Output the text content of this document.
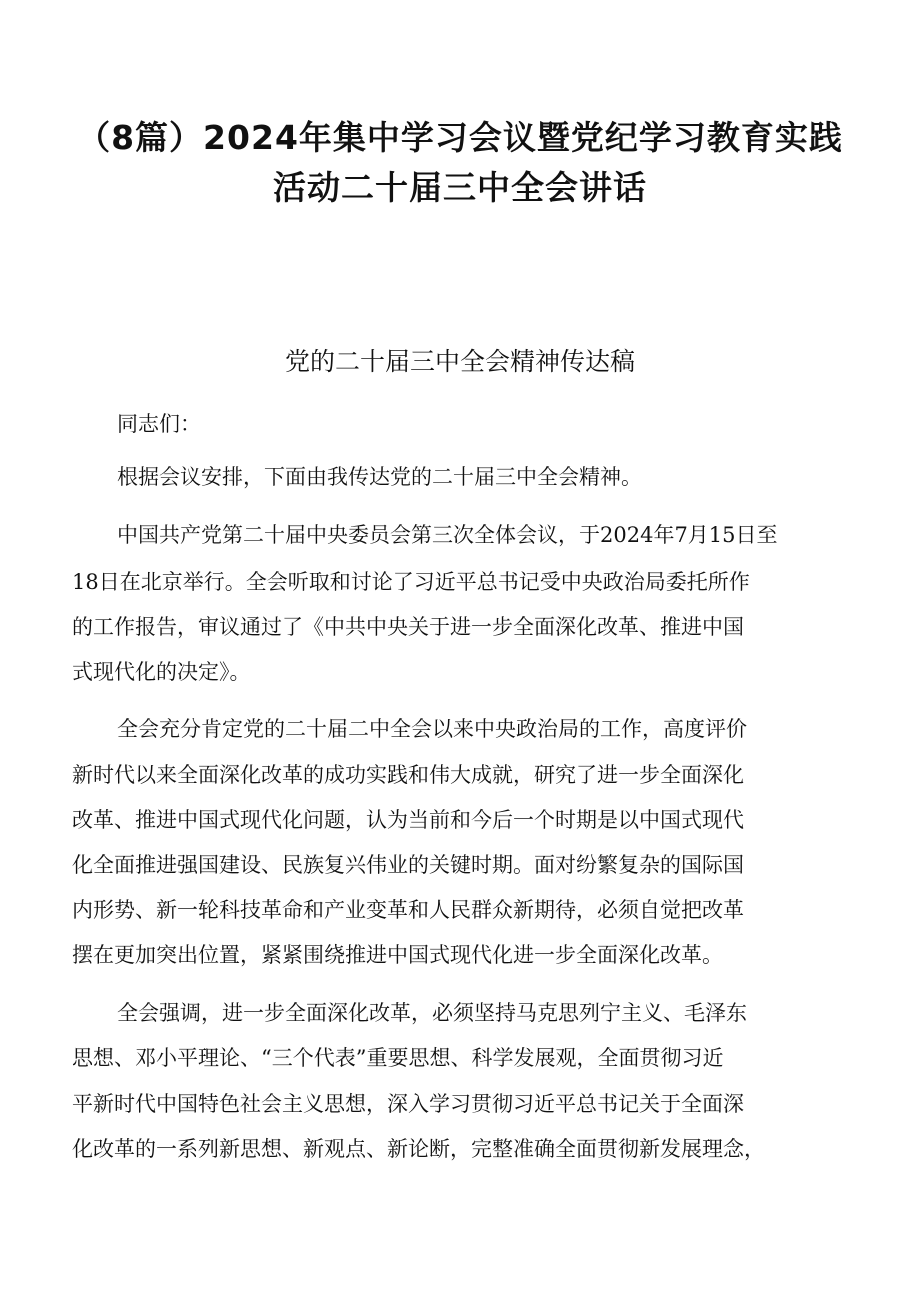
（8篇）2024年集中学习会议暨党纪学习教育实践
活动二十届三中全会讲话
党的二十届三中全会精神传达稿

同志们：

根据会议安排，下面由我传达党的二十届三中全会精神。

中国共产党第二十届中央委员会第三次全体会议，于2024年7月15日至

18日在北京举行。全会听取和讨论了习近平总书记受中央政治局委托所作

的工作报告，审议通过了《中共中央关于进一步全面深化改革、推进中国

式现代化的决定》。

全会充分肯定党的二十届二中全会以来中央政治局的工作，高度评价

新时代以来全面深化改革的成功实践和伟大成就，研究了进一步全面深化

改革、推进中国式现代化问题，认为当前和今后一个时期是以中国式现代

化全面推进强国建设、民族复兴伟业的关键时期。面对纷繁复杂的国际国

内形势、新一轮科技革命和产业变革和人民群众新期待，必须自觉把改革

摆在更加突出位置，紧紧围绕推进中国式现代化进一步全面深化改革。

全会强调，进一步全面深化改革，必须坚持马克思列宁主义、毛泽东

思想、邓小平理论、“三个代表”重要思想、科学发展观，全面贯彻习近

平新时代中国特色社会主义思想，深入学习贯彻习近平总书记关于全面深

化改革的一系列新思想、新观点、新论断，完整准确全面贯彻新发展理念，
